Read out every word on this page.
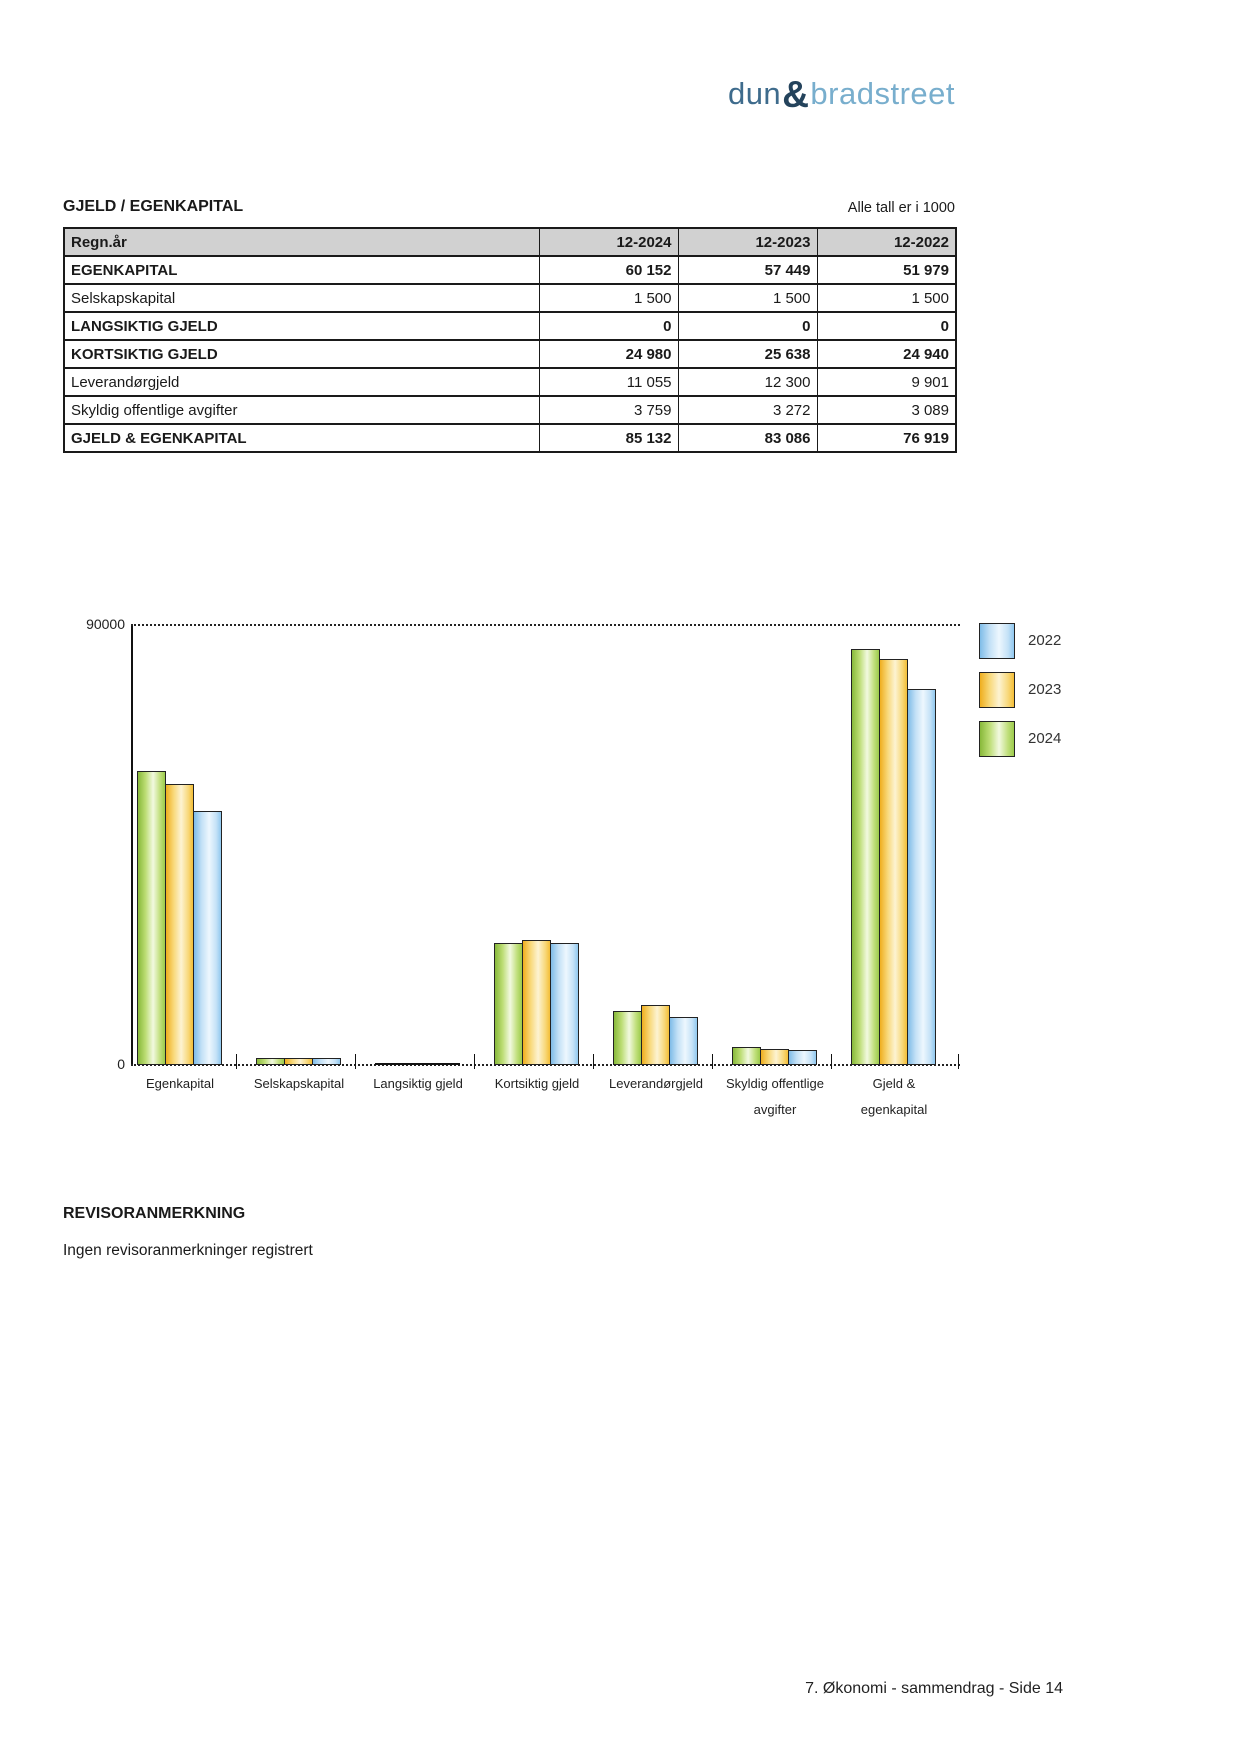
dun&bradstreet
GJELD / EGENKAPITAL	Alle tall er i 1000
Regn.år	12-2024	12-2023	12-2022
EGENKAPITAL	60 152	57 449	51 979
Selskapskapital	1 500	1 500	1 500
LANGSIKTIG GJELD	0	0	0
KORTSIKTIG GJELD	24 980	25 638	24 940
Leverandørgjeld	11 055	12 300	9 901
Skyldig offentlige avgifter	3 759	3 272	3 089
GJELD & EGENKAPITAL	85 132	83 086	76 919
90000
0
Egenkapital	Selskapskapital	Langsiktig gjeld	Kortsiktig gjeld	Leverandørgjeld	Skyldig offentlige
avgifter
Gjeld &
egenkapital
2022
2023
2024
REVISORANMERKNING
Ingen revisoranmerkninger registrert
7. Økonomi - sammendrag - Side 14
